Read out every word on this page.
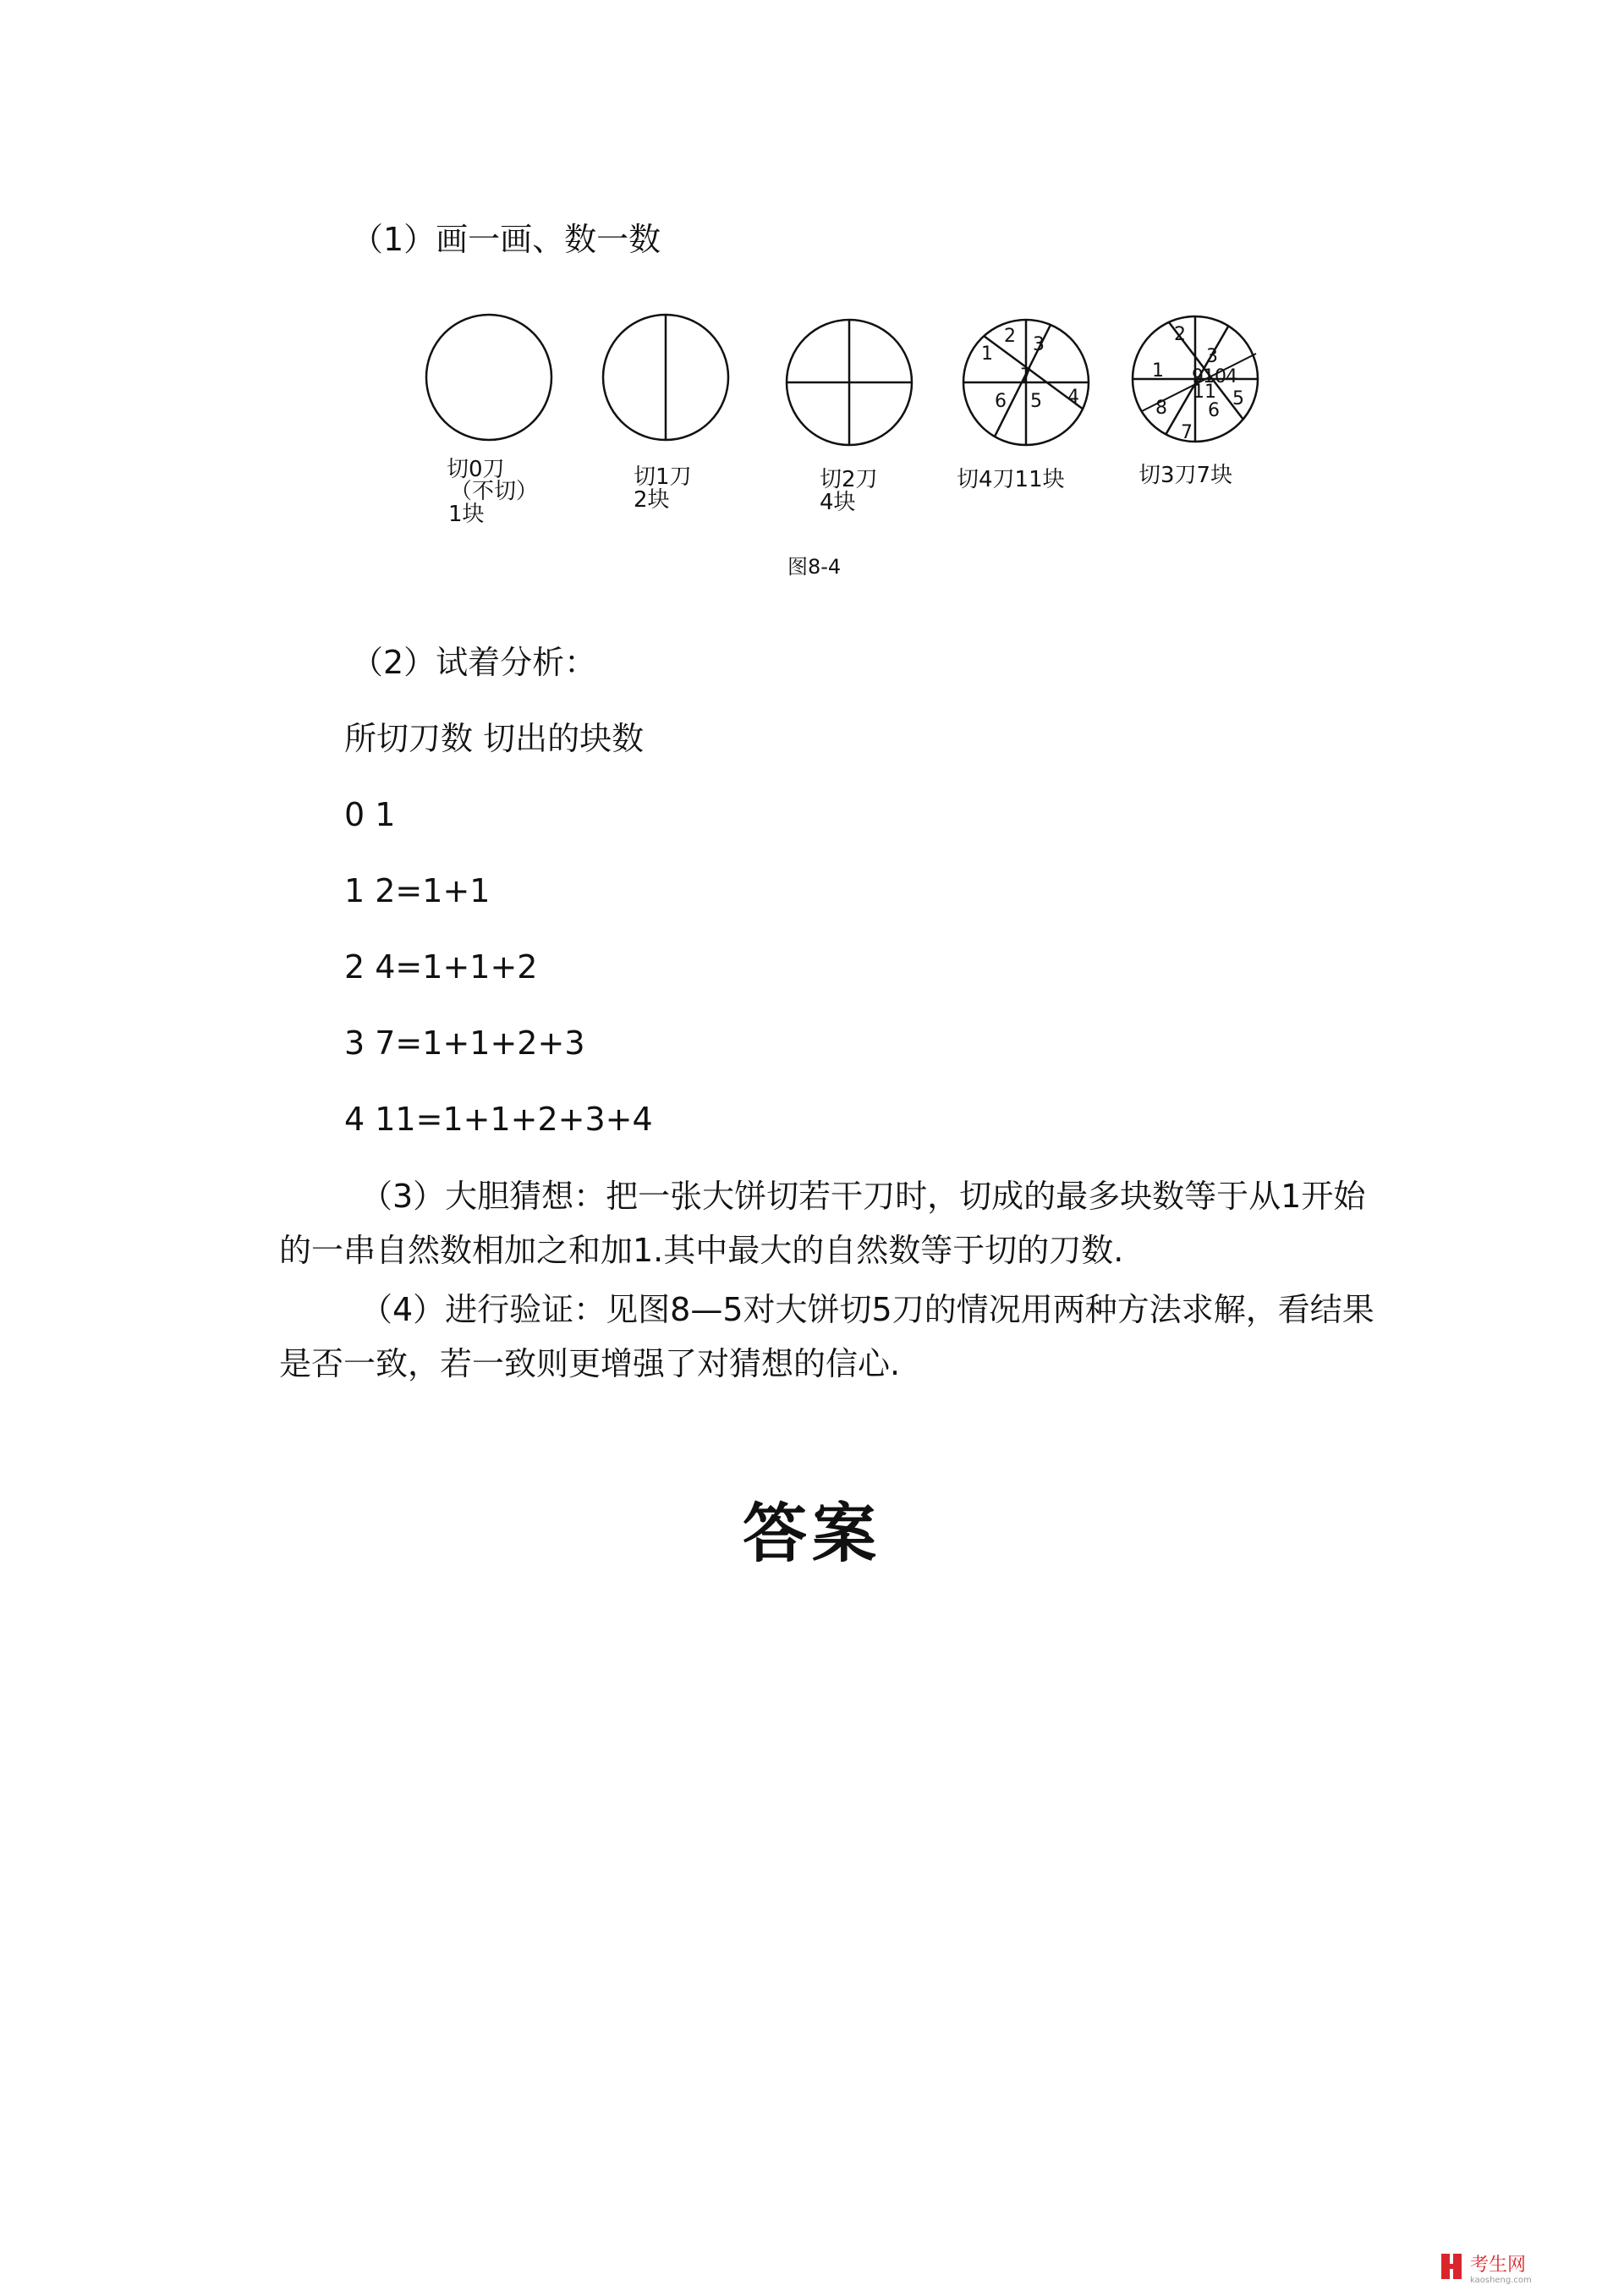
（1）画一画、数一数
1
2 3
7
6 5 4
1
2
3
8
9 10 4
5
6
7
11
切0刀
（不切）
1块
切1刀
2块
切2刀
4块
切4刀11块	切3刀7块
图8-4
（2）试着分析：
所切刀数 切出的块数
0 1
1 2=1+1
2 4=1+1+2
3 7=1+1+2+3
4 11=1+1+2+3+4
（3）大胆猜想：把一张大饼切若干刀时，切成的最多块数等于从1开始的一串自然数相加之和加1.其中最大的自然数等于切的刀数.
（4）进行验证：见图8—5对大饼切5刀的情况用两种方法求解，看结果是否一致，若一致则更增强了对猜想的信心.
答案
考生网
kaosheng.com
